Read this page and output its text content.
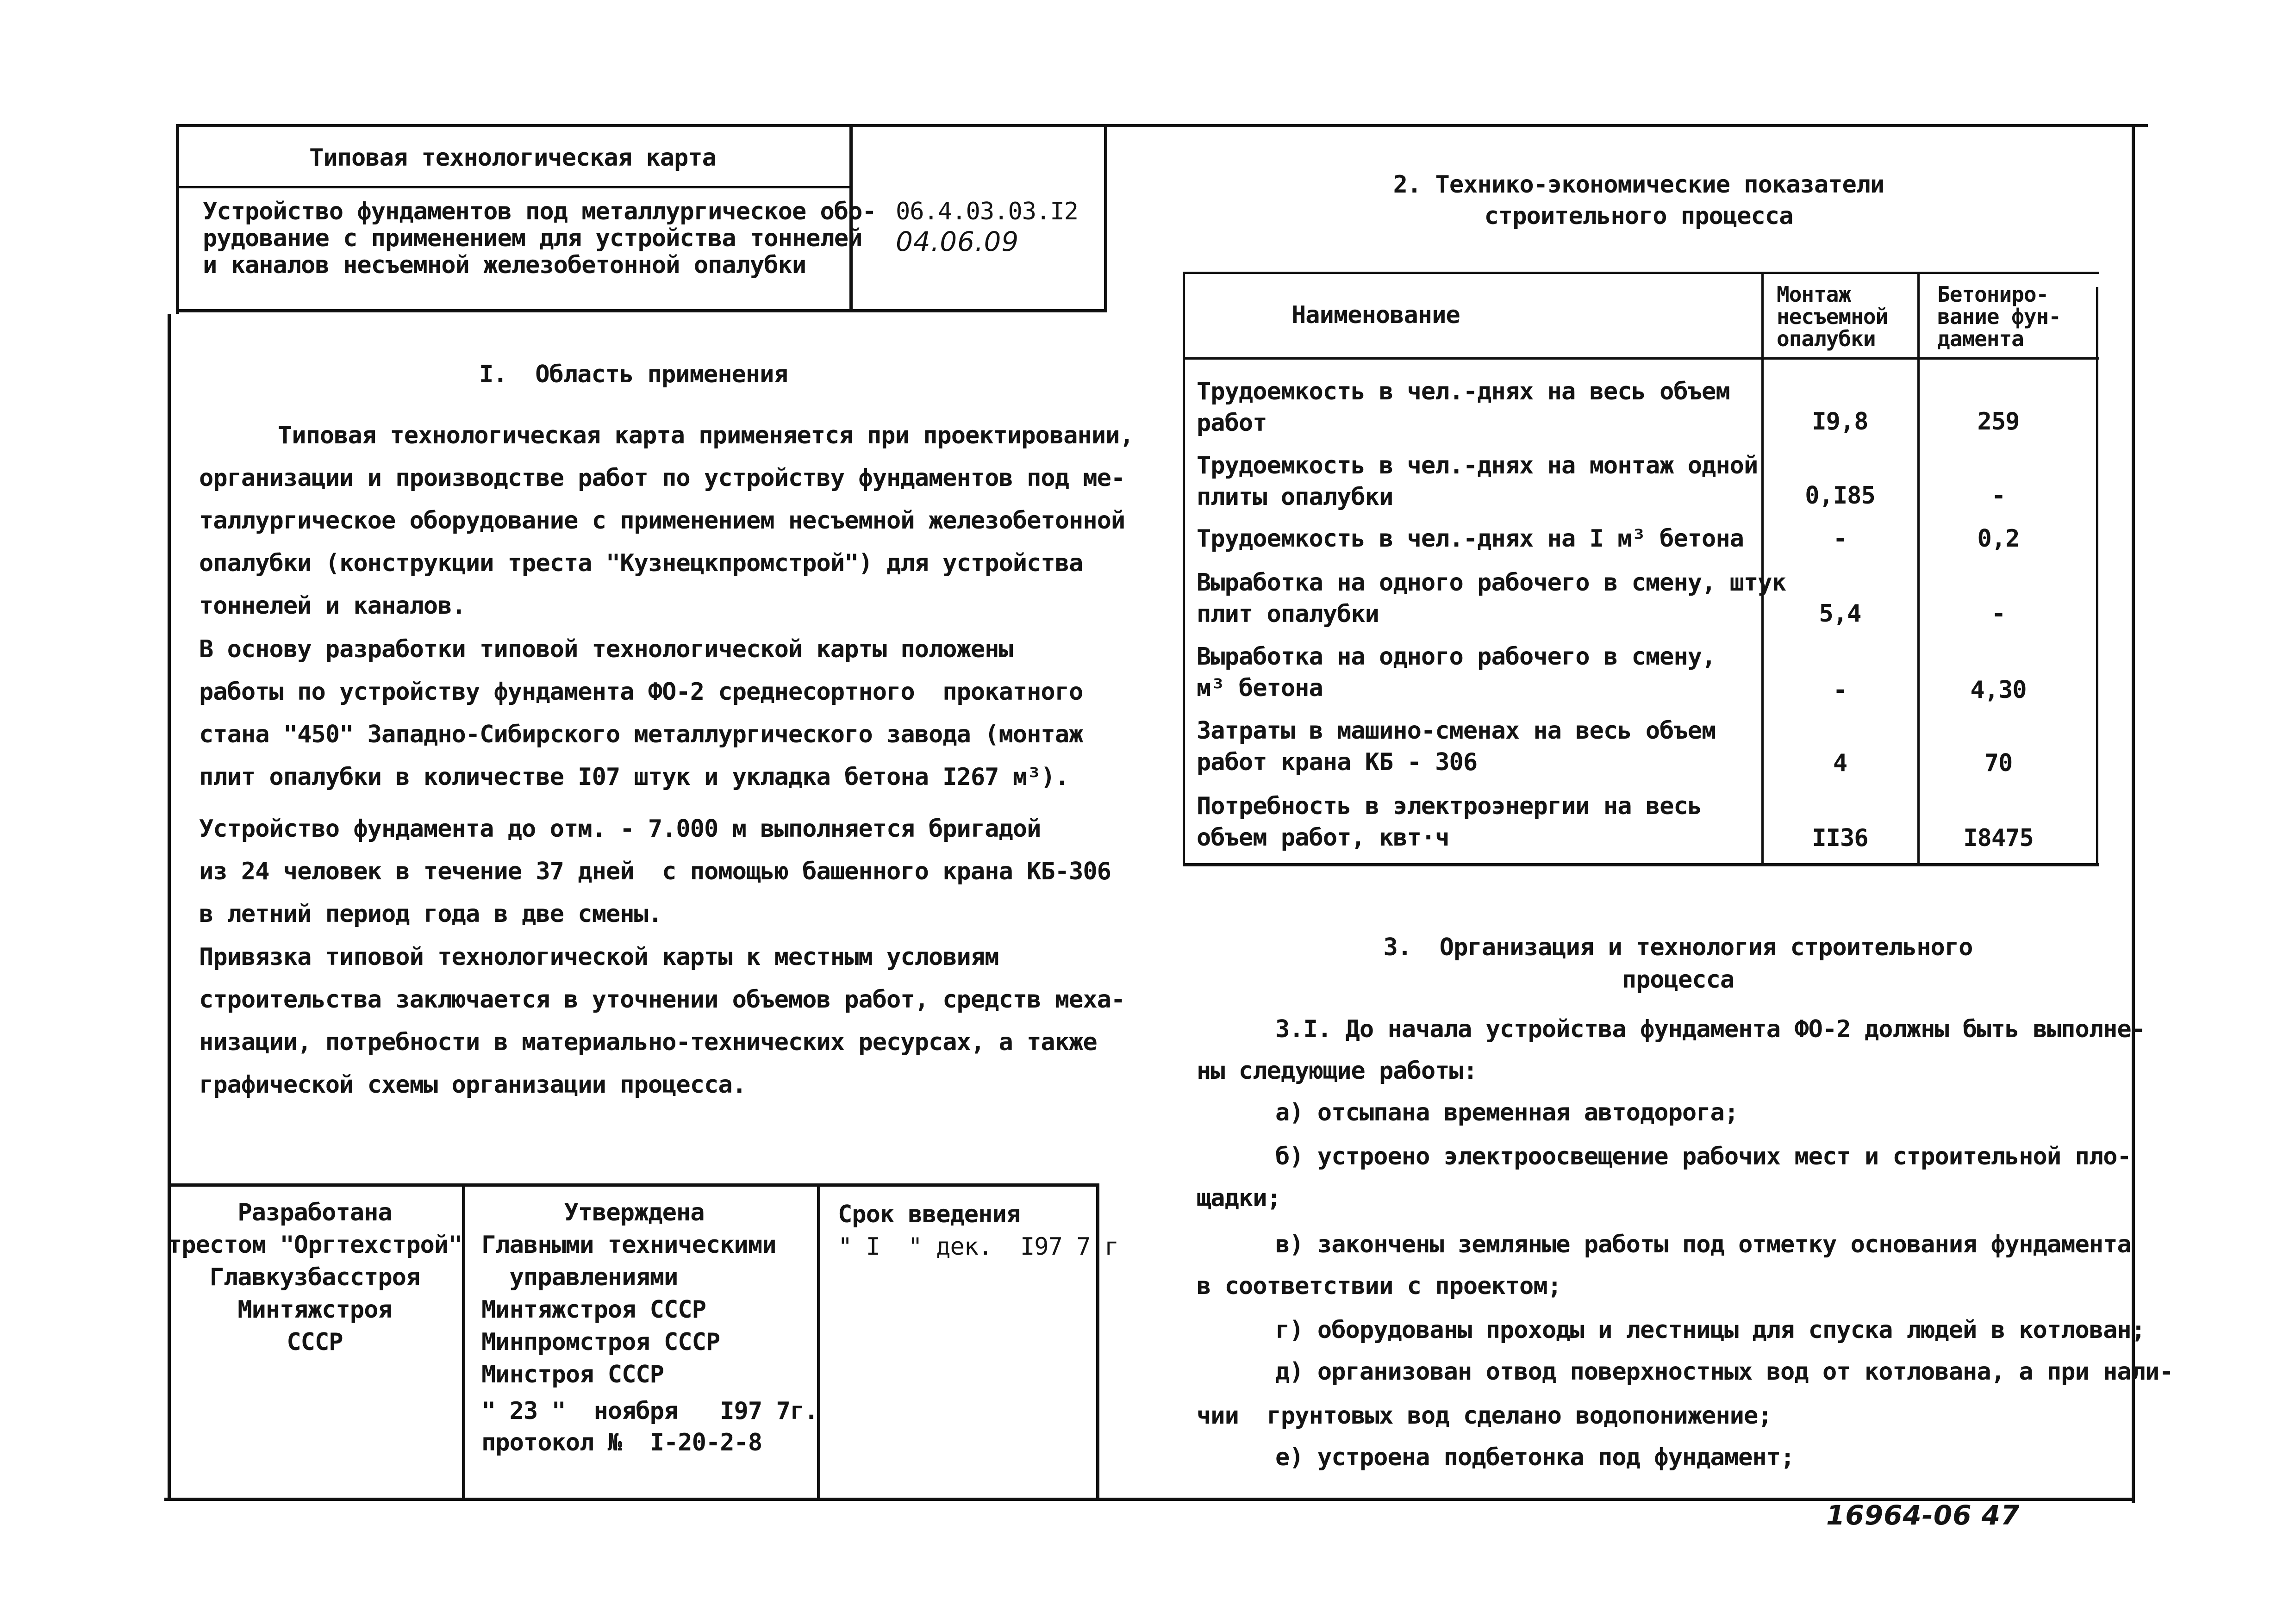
Типовая технологическая карта
Устройство фундаментов под металлургическое обо-
рудование с применением для устройства тоннелей
и каналов несъемной железобетонной опалубки
06.4.03.03.I2
04.06.09
I.  Область применения
Типовая технологическая карта применяется при проектировании,
организации и производстве работ по устройству фундаментов под ме-
таллургическое оборудование с применением несъемной железобетонной
опалубки (конструкции треста "Кузнецкпромстрой") для устройства
тоннелей и каналов.
В основу разработки типовой технологической карты положены
работы по устройству фундамента ФО-2 среднесортного  прокатного
стана "450" Западно-Сибирского металлургического завода (монтаж
плит опалубки в количестве I07 штук и укладка бетона I267 м³).
Устройство фундамента до отм. - 7.000 м выполняется бригадой
из 24 человек в течение 37 дней  с помощью башенного крана КБ-306
в летний период года в две смены.
Привязка типовой технологической карты к местным условиям
строительства заключается в уточнении объемов работ, средств меха-
низации, потребности в материально-технических ресурсах, а также
графической схемы организации процесса.
Разработана
трестом "Оргтехстрой"
Главкузбасстроя
Минтяжстроя
СССР
Утверждена
Главными техническими
управлениями
Минтяжстроя СССР
Минпромстроя СССР
Минстроя СССР
" 23 "  ноября   I97 7г.
протокол №  I-20-2-8
Срок введения
" I  " дек.  I97 7 г
2. Технико-экономические показатели
строительного процесса
Наименование
Монтаж
несъемной
опалубки
Бетониро-
вание фун-
дамента
Трудоемкость в чел.-днях на весь объем
работ	I9,8	259
Трудоемкость в чел.-днях на монтаж одной
плиты опалубки	0,I85	-
Трудоемкость в чел.-днях на I м³ бетона	-	0,2
Выработка на одного рабочего в смену, штук
плит опалубки	5,4	-
Выработка на одного рабочего в смену,
м³ бетона	-	4,30
Затраты в машино-сменах на весь объем
работ крана КБ - 306	4	70
Потребность в электроэнергии на весь
объем работ, квт·ч	II36	I8475
3.  Организация и технология строительного
процесса
3.I. До начала устройства фундамента ФО-2 должны быть выполне-
ны следующие работы:
а) отсыпана временная автодорога;
б) устроено электроосвещение рабочих мест и строительной пло-
щадки;
в) закончены земляные работы под отметку основания фундамента
в соответствии с проектом;
г) оборудованы проходы и лестницы для спуска людей в котлован;
д) организован отвод поверхностных вод от котлована, а при нали-
чии  грунтовых вод сделано водопонижение;
е) устроена подбетонка под фундамент;
16964-06 47
